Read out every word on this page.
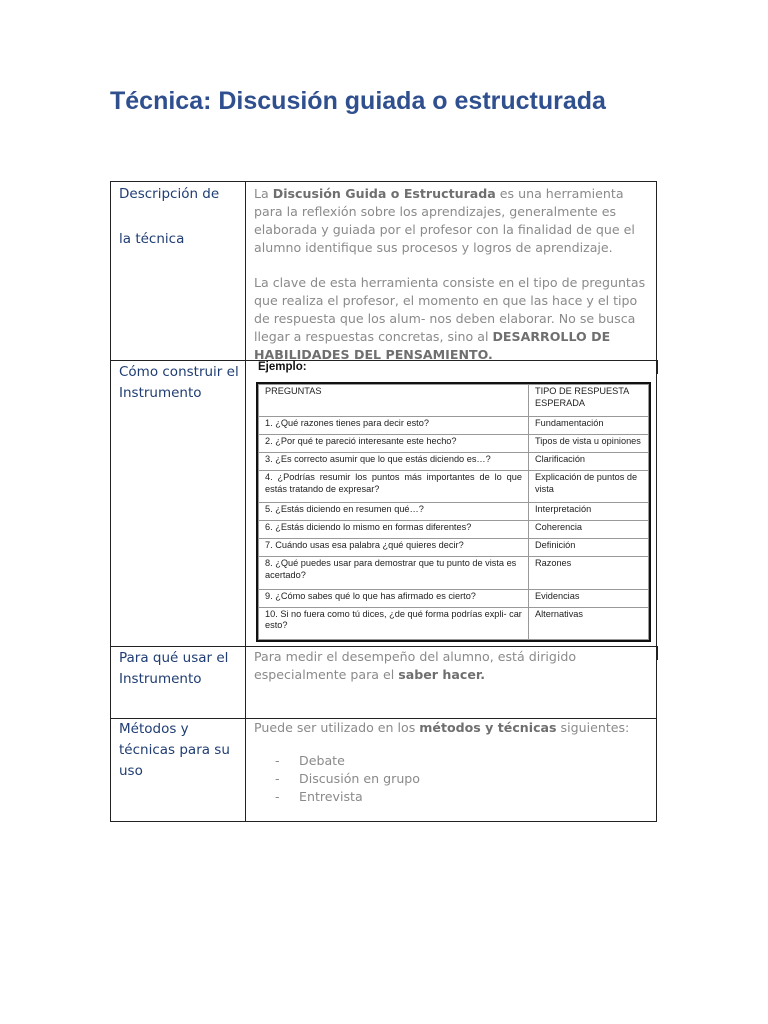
Técnica: Discusión guiada o estructurada
Descripción de
la técnica
La Discusión Guida o Estructurada es una herramienta para la reflexión sobre los aprendizajes, generalmente es elaborada y guiada por el profesor con la finalidad de que el alumno identifique sus procesos y logros de aprendizaje.
La clave de esta herramienta consiste en el tipo de preguntas que realiza el profesor, el momento en que las hace y el tipo de respuesta que los alum- nos deben elaborar. No se busca llegar a respuestas concretas, sino al DESARROLLO DE HABILIDADES DEL PENSAMIENTO.
Cómo construir el Instrumento
Ejemplo:
PREGUNTAS	TIPO DE RESPUESTA ESPERADA
1. ¿Qué razones tienes para decir esto?	Fundamentación
2. ¿Por qué te pareció interesante este hecho?	Tipos de vista u opiniones
3. ¿Es correcto asumir que lo que estás diciendo es…?	Clarificación
4. ¿Podrías resumir los puntos más importantes de lo que estás tratando de expresar?	Explicación de puntos de vista
5. ¿Estás diciendo en resumen qué…?	Interpretación
6. ¿Estás diciendo lo mismo en formas diferentes?	Coherencia
7. Cuándo usas esa palabra ¿qué quieres decir?	Definición
8. ¿Qué puedes usar para demostrar que tu punto de vista es acertado?	Razones
9. ¿Cómo sabes qué lo que has afirmado es cierto?	Evidencias
10. Si no fuera como tú dices, ¿de qué forma podrías expli- car esto?	Alternativas
Para qué usar el Instrumento
Para medir el desempeño del alumno, está dirigido especialmente para el saber hacer.
Métodos y técnicas para su uso
Puede ser utilizado en los métodos y técnicas siguientes:
- Debate
- Discusión en grupo
- Entrevista
